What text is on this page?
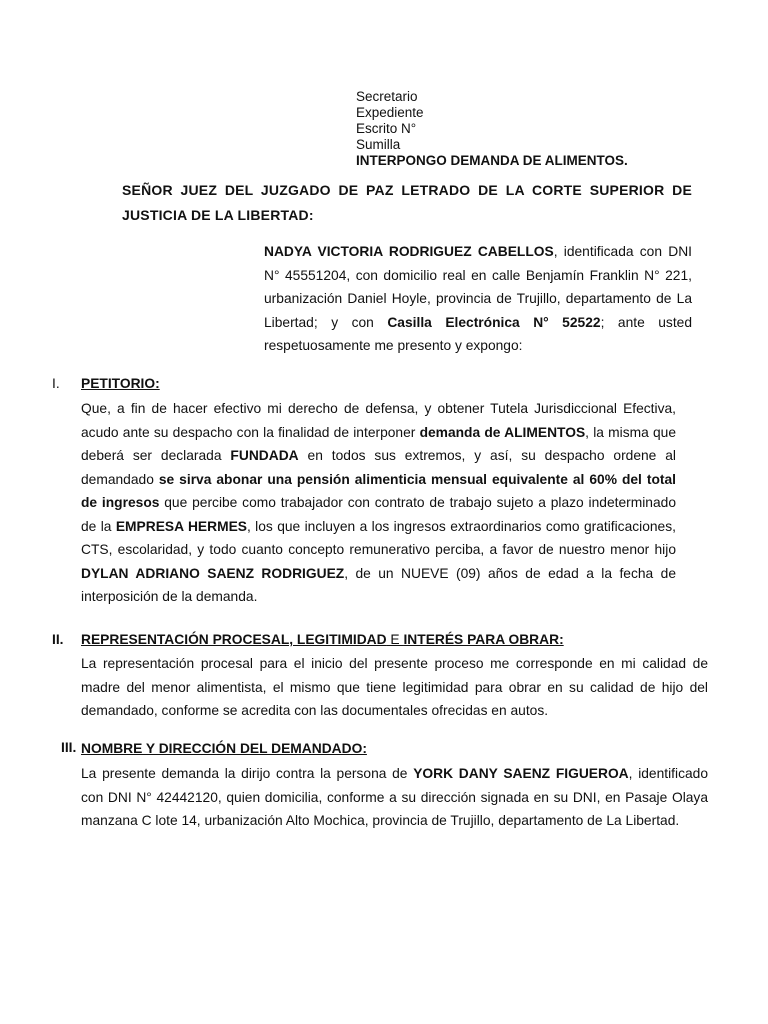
Secretario
Expediente
Escrito N°
Sumilla
INTERPONGO DEMANDA DE ALIMENTOS.
SEÑOR JUEZ DEL JUZGADO DE PAZ LETRADO DE LA CORTE SUPERIOR DE JUSTICIA DE LA LIBERTAD:
NADYA VICTORIA RODRIGUEZ CABELLOS, identificada con DNI N° 45551204, con domicilio real en calle Benjamín Franklin N° 221, urbanización Daniel Hoyle, provincia de Trujillo, departamento de La Libertad; y con Casilla Electrónica N° 52522; ante usted respetuosamente me presento y expongo:
I. PETITORIO:
Que, a fin de hacer efectivo mi derecho de defensa, y obtener Tutela Jurisdiccional Efectiva, acudo ante su despacho con la finalidad de interponer demanda de ALIMENTOS, la misma que deberá ser declarada FUNDADA en todos sus extremos, y así, su despacho ordene al demandado se sirva abonar una pensión alimenticia mensual equivalente al 60% del total de ingresos que percibe como trabajador con contrato de trabajo sujeto a plazo indeterminado de la EMPRESA HERMES, los que incluyen a los ingresos extraordinarios como gratificaciones, CTS, escolaridad, y todo cuanto concepto remunerativo perciba, a favor de nuestro menor hijo DYLAN ADRIANO SAENZ RODRIGUEZ, de un NUEVE (09) años de edad a la fecha de interposición de la demanda.
II. REPRESENTACIÓN PROCESAL, LEGITIMIDAD E INTERÉS PARA OBRAR:
La representación procesal para el inicio del presente proceso me corresponde en mi calidad de madre del menor alimentista, el mismo que tiene legitimidad para obrar en su calidad de hijo del demandado, conforme se acredita con las documentales ofrecidas en autos.
III. NOMBRE Y DIRECCIÓN DEL DEMANDADO:
La presente demanda la dirijo contra la persona de YORK DANY SAENZ FIGUEROA, identificado con DNI N° 42442120, quien domicilia, conforme a su dirección signada en su DNI, en Pasaje Olaya manzana C lote 14, urbanización Alto Mochica, provincia de Trujillo, departamento de La Libertad.
